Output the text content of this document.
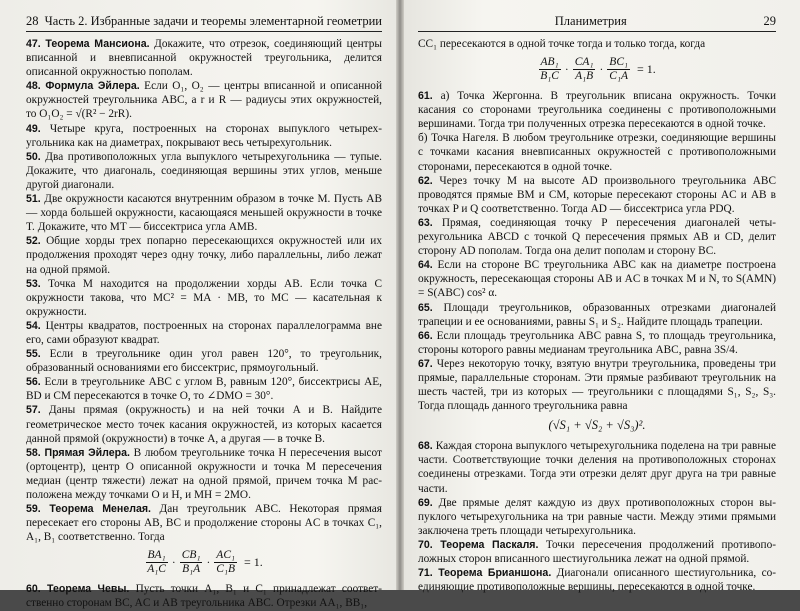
28 Часть 2. Избранные задачи и теоремы элементарной геометрии

47. Теорема Мансиона. Докажите, что отрезок, соединяющий центры вписанной и вневписанной окружностей треугольника, делится описанной окружностью пополам.

48. Формула Эйлера. Если O₁, O₂ — центры вписанной и описанной окружностей треугольника ABC, а r и R — радиусы этих окружностей, то O₁O₂ = √(R² − 2rR).

49. Четыре круга, построенных на сторонах выпуклого четырехугольника как на диаметрах, покрывают весь четырехугольник.

50. Два противоположных угла выпуклого четырехугольника — тупые. Докажите, что диагональ, соединяющая вершины этих углов, меньше другой диагонали.

51. Две окружности касаются внутренним образом в точке M. Пусть AB — хорда большей окружности, касающаяся меньшей окружности в точке T. Докажите, что MT — биссектриса угла AMB.

52. Общие хорды трех попарно пересекающихся окружностей или их продолжения проходят через одну точку, либо параллельны, либо лежат на одной прямой.

53. Точка M находится на продолжении хорды AB. Если точка C окружности такова, что MC² = MA · MB, то MC — касательная к окружности.

54. Центры квадратов, построенных на сторонах параллелограмма вне его, сами образуют квадрат.

55. Если в треугольнике один угол равен 120°, то треугольник, образованный основаниями его биссектрис, прямоугольный.

56. Если в треугольнике ABC с углом B, равным 120°, биссектрисы AE, BD и CM пересекаются в точке O, то ∠DMO = 30°.

57. Даны прямая (окружность) и на ней точки A и B. Найдите геометрическое место точек касания окружностей, из которых касается данной прямой (окружности) в точке A, а другая — в точке B.

58. Прямая Эйлера. В любом треугольнике точка H пересечения высот (ортоцентр), центр O описанной окружности и точка M пересечения медиан (центр тяжести) лежат на одной прямой, причем точка M расположена между точками O и H, и MH = 2MO.

59. Теорема Менелая. Дан треугольник ABC. Некоторая прямая пересекает его стороны AB, BC и продолжение стороны AC в точках C₁, A₁, B₁ соответственно. Тогда

$\frac{\text{BA₁}}{\text{A₁C}} \cdot \frac{\text{CB₁}}{\text{B₁A}} \cdot \frac{\text{AC₁}}{\text{C₁B}} = 1$.

60. Теорема Чевы. Пусть точки A₁, B₁ и C₁ принадлежат соответственно сторонам BC, AC и AB треугольника ABC. Отрезки AA₁, BB₁,

Планиметрия	29

CC₁ пересекаются в одной точке тогда и только тогда, когда

$\frac{\text{AB₁}}{\text{B₁C}} \cdot \frac{\text{CA₁}}{\text{A₁B}} \cdot \frac{\text{BC₁}}{\text{C₁A}} = 1$.

61. а) Точка Жергонна. В треугольник вписана окружность. Точки касания со сторонами треугольника соединены с противоположными вершинами. Тогда три полученных отрезка пересекаются в одной точке.

б) Точка Нагеля. В любом треугольнике отрезки, соединяющие вершины с точками касания вневписанных окружностей с противоположными сторонами, пересекаются в одной точке.

62. Через точку M на высоте AD произвольного треугольника ABC проводятся прямые BM и CM, которые пересекают стороны AC и AB в точках P и Q соответственно. Тогда AD — биссектриса угла PDQ.

63. Прямая, соединяющая точку P пересечения диагоналей четырехугольника ABCD с точкой Q пересечения прямых AB и CD, делит сторону AD пополам. Тогда она делит пополам и сторону BC.

64. Если на стороне BC треугольника ABC как на диаметре построена окружность, пересекающая стороны AB и AC в точках M и N, то S(AMN) = S(ABC) cos² α.

65. Площади треугольников, образованных отрезками диагоналей трапеции и ее основаниями, равны S₁ и S₂. Найдите площадь трапеции.

66. Если площадь треугольника ABC равна S, то площадь треугольника, стороны которого равны медианам треугольника ABC, равна 3S/4.

67. Через некоторую точку, взятую внутри треугольника, проведены три прямые, параллельные сторонам. Эти прямые разбивают треугольник на шесть частей, три из которых — треугольники с площадями S₁, S₂, S₃. Тогда площадь данного треугольника равна

(√S₁ + √S₂ + √S₃)².

68. Каждая сторона выпуклого четырехугольника поделена на три равные части. Соответствующие точки деления на противоположных сторонах соединены отрезками. Тогда эти отрезки делят друг друга на три равные части.

69. Две прямые делят каждую из двух противоположных сторон выпуклого четырехугольника на три равные части. Между этими прямыми заключена треть площади четырехугольника.

70. Теорема Паскаля. Точки пересечения продолжений противоположных сторон вписанного шестиугольника лежат на одной прямой.

71. Теорема Брианшона. Диагонали описанного шестиугольника, соединяющие противоположные вершины, пересекаются в одной точке.
